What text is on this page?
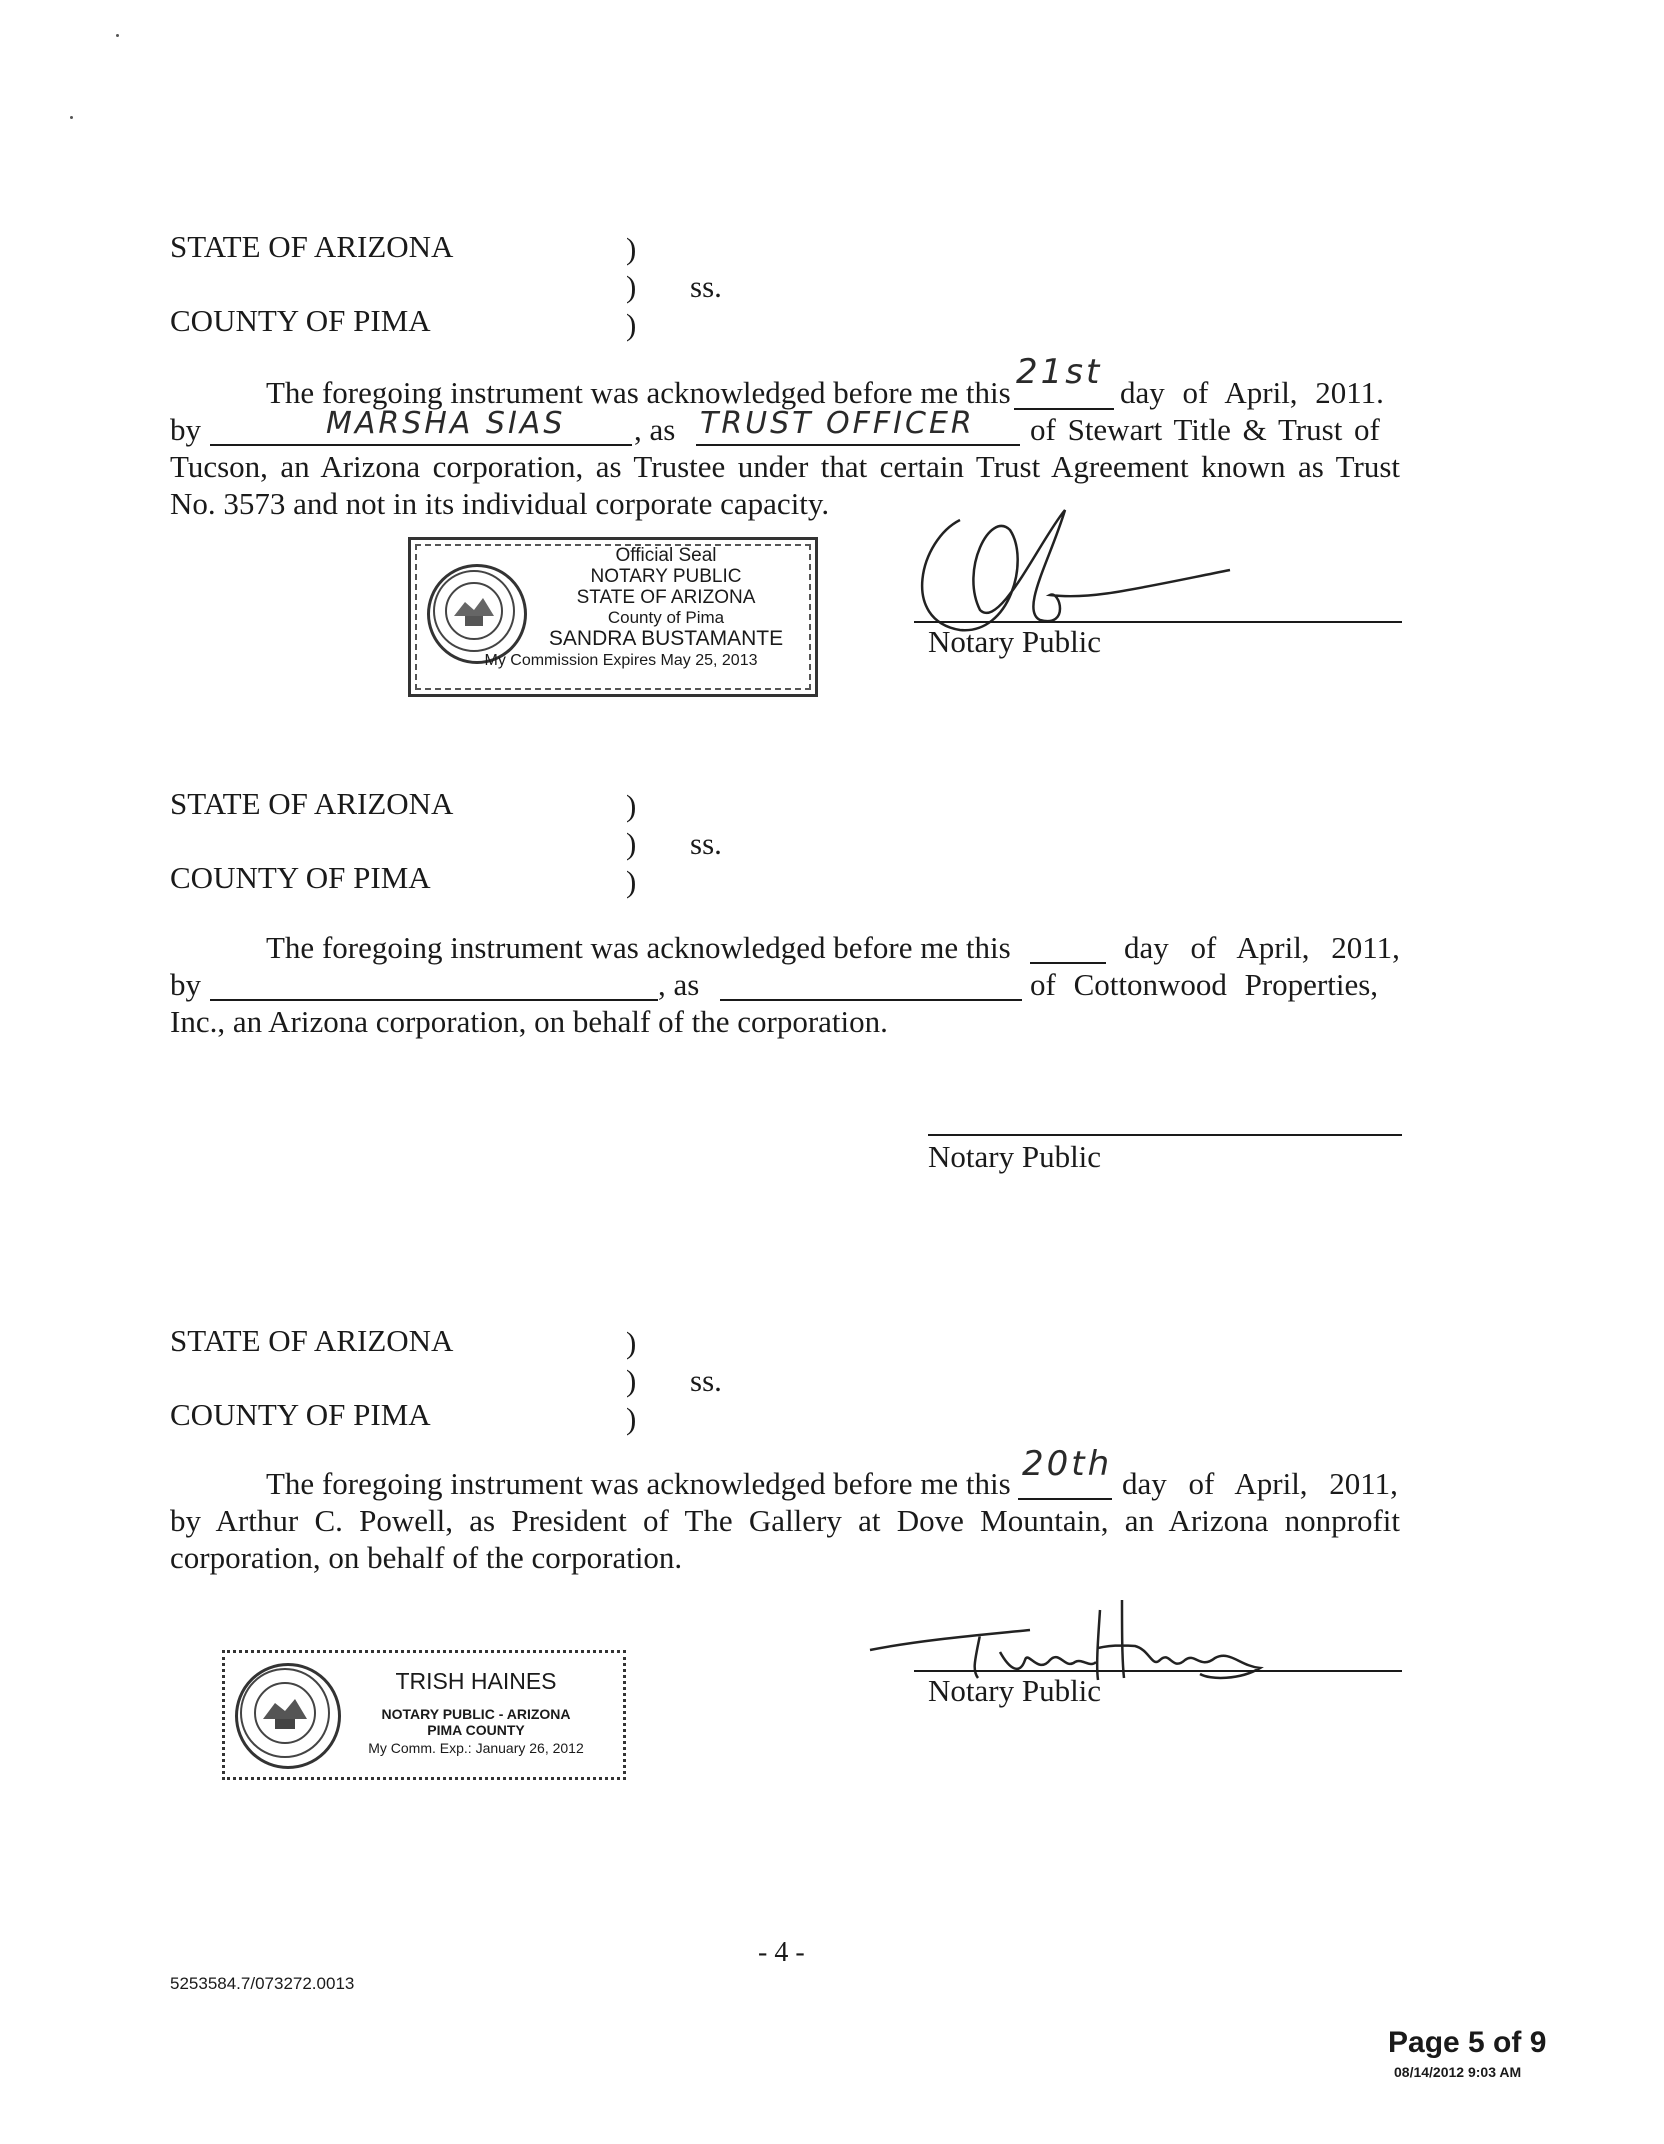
STATE OF ARIZONA	)
) ss.
)
COUNTY OF PIMA
The foregoing instrument was acknowledged before me this
21st
day of April, 2011.
by	MARSHA SIAS , as TRUST OFFICER of Stewart Title & Trust of
Tucson, an Arizona corporation, as Trustee under that certain Trust Agreement known as Trust
No. 3573 and not in its individual corporate capacity.
Official Seal
NOTARY PUBLIC
STATE OF ARIZONA
County of Pima
SANDRA BUSTAMANTE
My Commission Expires May 25, 2013
Notary Public
STATE OF ARIZONA	)
) ss.
)
COUNTY OF PIMA
The foregoing instrument was acknowledged before me this	day of April, 2011,
by	, as	of Cottonwood Properties,
Inc., an Arizona corporation, on behalf of the corporation.
Notary Public
STATE OF ARIZONA	)
) ss.
)
COUNTY OF PIMA
The foregoing instrument was acknowledged before me this 20th day of April, 2011,
by Arthur C. Powell, as President of The Gallery at Dove Mountain, an Arizona nonprofit
corporation, on behalf of the corporation.
TRISH HAINES
NOTARY PUBLIC - ARIZONA
PIMA COUNTY
My Comm. Exp.: January 26, 2012
Notary Public
- 4 -
5253584.7/073272.0013
Page 5 of 9
08/14/2012 9:03 AM
